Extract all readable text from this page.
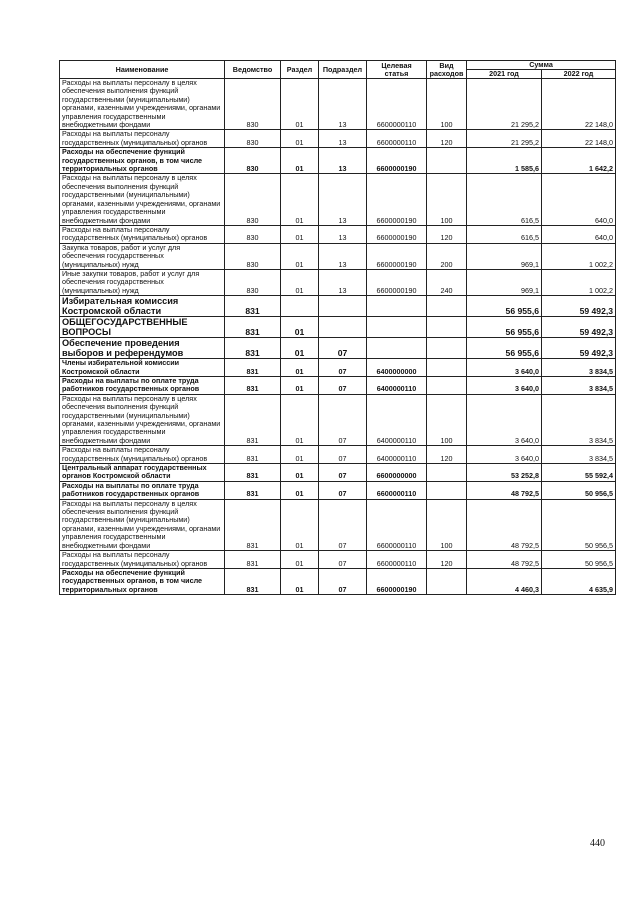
Наименование	Ведомство	Раздел	Подраздел	Целевая статья	Вид расходов	Сумма	
						2021 год	2022 год
Расходы на выплаты персоналу в целях обеспечения выполнения функций государственными (муниципальными) органами, казенными учреждениями, органами управления государственными внебюджетными фондами	830	01	13	6600000110	100	21 295,2	22 148,0
Расходы на выплаты персоналу государственных (муниципальных) органов	830	01	13	6600000110	120	21 295,2	22 148,0
Расходы на обеспечение функций государственных органов, в том числе территориальных органов	830	01	13	6600000190		1 585,6	1 642,2
Расходы на выплаты персоналу в целях обеспечения выполнения функций государственными (муниципальными) органами, казенными учреждениями, органами управления государственными внебюджетными фондами	830	01	13	6600000190	100	616,5	640,0
Расходы на выплаты персоналу государственных (муниципальных) органов	830	01	13	6600000190	120	616,5	640,0
Закупка товаров, работ и услуг для обеспечения государственных (муниципальных) нужд	830	01	13	6600000190	200	969,1	1 002,2
Иные закупки товаров, работ и услуг для обеспечения государственных (муниципальных) нужд	830	01	13	6600000190	240	969,1	1 002,2
Избирательная комиссия Костромской области	831					56 955,6	59 492,3
ОБЩЕГОСУДАРСТВЕННЫЕ ВОПРОСЫ	831	01				56 955,6	59 492,3
Обеспечение проведения выборов и референдумов	831	01	07			56 955,6	59 492,3
Члены избирательной комиссии Костромской области	831	01	07	6400000000		3 640,0	3 834,5
Расходы на выплаты по оплате труда работников государственных органов	831	01	07	6400000110		3 640,0	3 834,5
Расходы на выплаты персоналу в целях обеспечения выполнения функций государственными (муниципальными) органами, казенными учреждениями, органами управления государственными внебюджетными фондами	831	01	07	6400000110	100	3 640,0	3 834,5
Расходы на выплаты персоналу государственных (муниципальных) органов	831	01	07	6400000110	120	3 640,0	3 834,5
Центральный аппарат государственных органов Костромской области	831	01	07	6600000000		53 252,8	55 592,4
Расходы на выплаты по оплате труда работников государственных органов	831	01	07	6600000110		48 792,5	50 956,5
Расходы на выплаты персоналу в целях обеспечения выполнения функций государственными (муниципальными) органами, казенными учреждениями, органами управления государственными внебюджетными фондами	831	01	07	6600000110	100	48 792,5	50 956,5
Расходы на выплаты персоналу государственных (муниципальных) органов	831	01	07	6600000110	120	48 792,5	50 956,5
Расходы на обеспечение функций государственных органов, в том числе территориальных органов	831	01	07	6600000190		4 460,3	4 635,9
440
